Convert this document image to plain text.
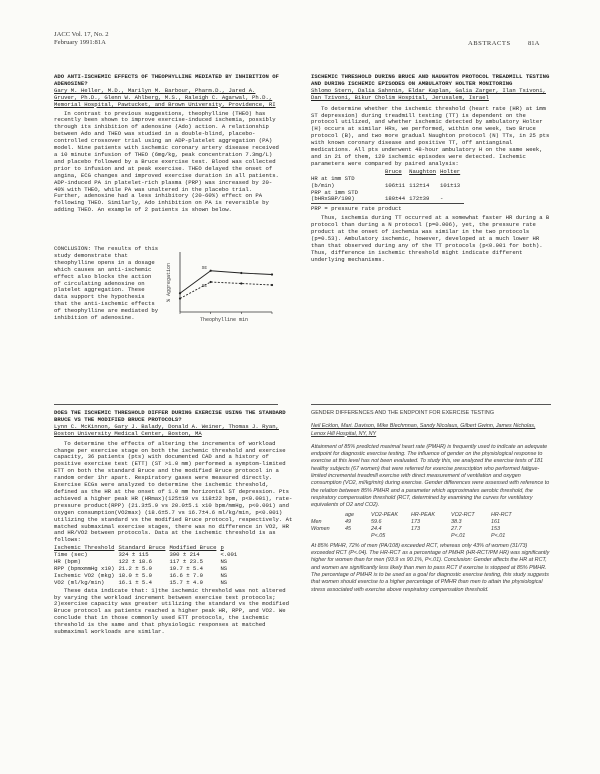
JACC Vol. 17, No. 2
February 1991:81A	ABSTRACTS	81A
ADO ANTI-ISCHEMIC EFFECTS OF THEOPHYLLINE MEDIATED BY INHIBITION OF ADENOSINE?
Gary M. Heller, M.D., Marilyn M. Barbour, Pharm.D., Jared A. Gruver, Ph.D., Glenn W. Ahlberg, M.S., Raleigh C. Agarwal, Ph.D., Memorial Hospital, Pawtucket, and Brown University, Providence, RI
In contrast to previous suggestions, theophylline (THEO) has recently been shown to improve exercise-induced ischemia, possibly through its inhibition of adenosine (Ado) action. A relationship between Ado and THEO was studied in a double-blind, placebo-controlled crossover trial using an ADP-platelet aggregation (PA) model. Nine patients with ischemic coronary artery disease received a 10 minute infusion of THEO (6mg/kg, peak concentration 7.3mg/L) and placebo followed by a Bruce exercise test. Blood was collected prior to infusion and at peak exercise. THEO delayed the onset of angina, ECG changes and improved exercise duration in all patients. ADP-induced PA in platelet-rich plasma (PRP) was increased by 20-40% with THEO, while PA was unaltered in the placebo trial. Further, adenosine had a less inhibitory (20-60%) effect on PA following THEO. Similarly, Ado inhibition on PA is reversible by adding THEO. An example of 2 patients is shown below.
CONCLUSION: The results of this study demonstrate that theophylline opens in a dosage which causes an anti-ischemic effect also blocks the action of circulating adenosine on platelet aggregation. These data support the hypothesis that the anti-ischemic effects of theophylline are mediated by inhibition of adenosine.
SE
SE
% Aggregation
Theophylline min
ISCHEMIC THRESHOLD DURING BRUCE AND NAUGHTON PROTOCOL TREADMILL TESTING AND DURING ISCHEMIC EPISODES ON AMBULATORY HOLTER MONITORING
Shlomo Stern, Dalia Sahnnin, Eldar Kaplan, Galia Zarger, Ilan Tsivoni, Dan Tzivoni, Bikur Cholim Hospital, Jerusalem, Israel
To determine whether the ischemic threshold (heart rate (HR) at 1mm ST depression) during treadmill testing (TT) is dependent on the protocol utilized, and whether ischemic detected by ambulatory Holter (H) occurs at similar HRs, we performed, within one week, two Bruce protocol (B), and two more gradual Naughton protocol (N) TTs, in 25 pts with known coronary disease and positive TT, off antianginal medications. All pts underwent 48-hour ambulatory H on the same week, and in 21 of them, 129 ischemic episodes were detected. Ischemic parameters were compared by paired analysis:
	Bruce	Naughton	Holter
HR at 1mm STD			
(b/min)	106±11	112±14	101±13
PRP at 1mm STD			
(bHRxSBP/100)	180±44	172±39	-
PRP = pressure rate product
Thus, ischemia during TT occurred at a somewhat faster HR during a B protocol than during a N protocol (p=0.006), yet, the pressure rate product at the onset of ischemia was similar in the two protocols (p=0.53). Ambulatory ischemic, however, developed at a much lower HR than that observed during any of the TT protocols (p<0.001 for both). Thus, difference in ischemic threshold might indicate different underlying mechanisms.
DOES THE ISCHEMIC THRESHOLD DIFFER DURING EXERCISE USING THE STANDARD BRUCE VS THE MODIFIED BRUCE PROTOCOLS?
Lynn C. McKinnon, Gary J. Balady, Donald A. Weiner, Thomas J. Ryan, Boston University Medical Center, Boston, MA
To determine the effects of altering the increments of workload change per exercise stage on both the ischemic threshold and exercise capacity, 36 patients (pts) with documented CAD and a history of positive exercise test (ETT) (ST >1.0 mm) performed a symptom-limited ETT on both the standard Bruce and the modified Bruce protocol in a random order 1hr apart. Respiratory gases were measured directly. Exercise ECGs were analyzed to determine the ischemic threshold, defined as the HR at the onset of 1.0 mm horizontal ST depression. Pts achieved a higher peak HR (HRmax)(125±19 vs 118±22 bpm, p<0.001), rate-pressure product(RPP) (21.3±5.9 vs 20.0±5.1 x10 bpm/mmHg, p<0.001) and oxygen consumption(VO2max) (18.6±5.7 vs 16.7±4.6 ml/kg/min, p<0.001) utilizing the standard vs the modified Bruce protocol, respectively. At matched submaximal exercise stages, there was no difference in VO2, HR and HR/VO2 between protocols. Data at the ischemic threshold is as follows:
Ischemic Threshold	Standard Bruce	Modified Bruce	p
Time (sec)	324 ± 115	390 ± 214	<.001
HR (bpm)	122 ± 18.6	117 ± 23.5	NS
RPP (bpmxmmHg x10)	21.2 ± 5.0	19.7 ± 5.4	NS
Ischemic VO2 (mkg)	18.0 ± 5.0	16.6 ± 7.0	NS
VO2 (ml/kg/min)	16.1 ± 5.4	15.7 ± 4.9	NS
These data indicate that: 1)the ischemic threshold was not altered by varying the workload increment between exercise test protocols; 2)exercise capacity was greater utilizing the standard vs the modified Bruce protocol as patients reached a higher peak HR, RPP, and VO2. We conclude that in those commonly used ETT protocols, the ischemic threshold is the same and that physiologic responses at matched submaximal workloads are similar.
GENDER DIFFERENCES AND THE ENDPOINT FOR EXERCISE TESTING
Neil Ecklon, Mari. Davison, Mike Blechmnan, Sandy Nicolaus, Gilbert Gwinn, James Nicholas, Lenox Hill Hospital, NY, NY
Attainment of 85% predicted maximal heart rate (PMHR) is frequently used to indicate an adequate endpoint for diagnostic exercise testing. The influence of gender on the physiological response to exercise at this level has not been evaluated. To study this, we analyzed the exercise tests of 181 healthy subjects (67 women) that were referred for exercise prescription who performed fatigue-limited incremental treadmill exercise with direct measurement of ventilation and oxygen consumption (VO2, ml/kg/min) during exercise. Gender differences were assessed with reference to the relation between 85% PMHR and a parameter which approximates aerobic threshold, the respiratory compensation threshold (RCT, determined by examining the curves for ventilatory equivalents of O2 and CO2).
	age	VO2-PEAK	HR-PEAK	VO2-RCT	HR-RCT
Men	49	59.6	173	38.3	161
Women	45	24.4	173	27.7	153
		P<.05		P<.01	P<.01
At 85% PMHR, 72% of men (PA/108) exceeded RCT, whereas only 43% of women (31/73) exceeded RCT (P<.04). The HR-RCT as a percentage of PMHR (HR-RCT/PM HR) was significantly higher for women than for men (93.9 vs 90.1%, P<.01). Conclusion: Gender affects the HR at RCT, and women are significantly less likely than men to pass RCT if exercise is stopped at 85% PMHR. The percentage of PMHR is to be used as a goal for diagnostic exercise testing, this study suggests that women should exercise to a higher percentage of PMHR than men to attain the physiological stress associated with exercise above respiratory compensation threshold.
